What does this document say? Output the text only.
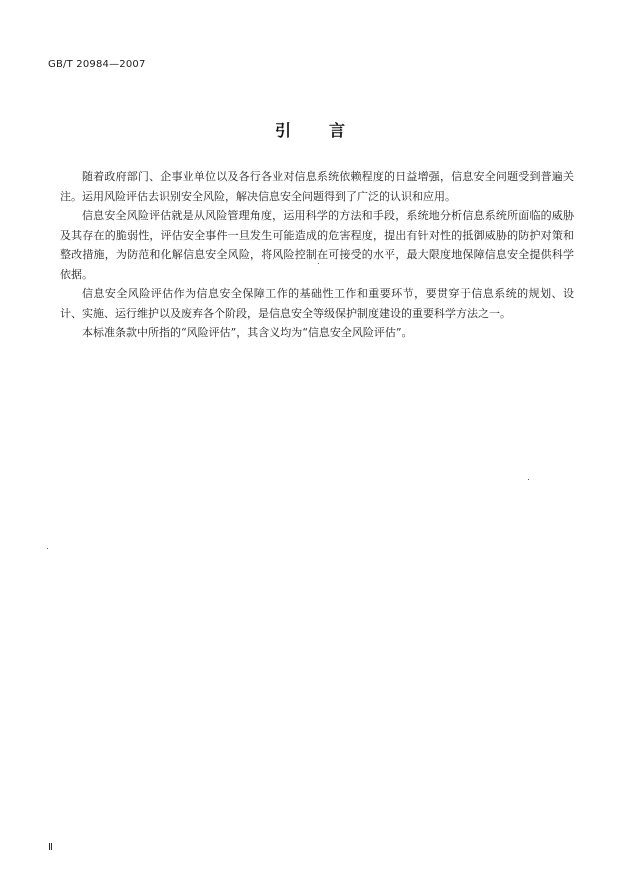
GB/T 20984—2007
引言

随着政府部门、企事业单位以及各行各业对信息系统依赖程度的日益增强，信息安全问题受到普遍关注。运用风险评估去识别安全风险，解决信息安全问题得到了广泛的认识和应用。

信息安全风险评估就是从风险管理角度，运用科学的方法和手段，系统地分析信息系统所面临的威胁及其存在的脆弱性，评估安全事件一旦发生可能造成的危害程度，提出有针对性的抵御威胁的防护对策和整改措施，为防范和化解信息安全风险，将风险控制在可接受的水平，最大限度地保障信息安全提供科学依据。

信息安全风险评估作为信息安全保障工作的基础性工作和重要环节，要贯穿于信息系统的规划、设计、实施、运行维护以及废弃各个阶段，是信息安全等级保护制度建设的重要科学方法之一。

本标准条款中所指的“风险评估”，其含义均为“信息安全风险评估”。

Ⅱ
